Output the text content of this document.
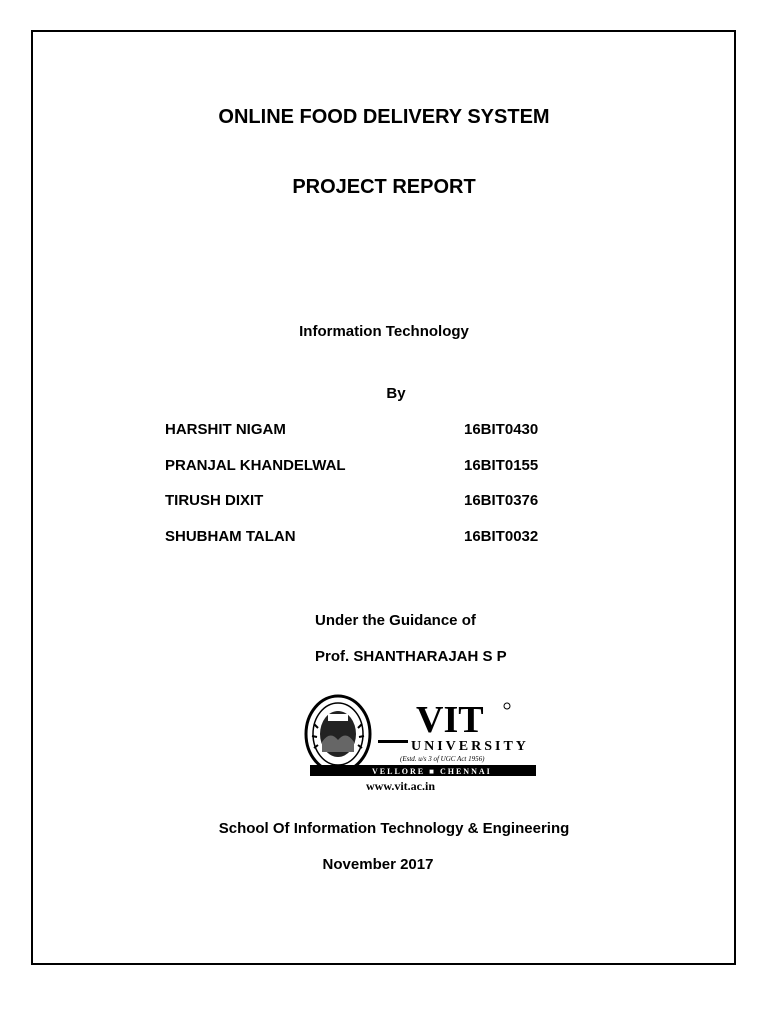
ONLINE FOOD DELIVERY SYSTEM
PROJECT REPORT
Information Technology
By
HARSHIT NIGAM	16BIT0430
PRANJAL KHANDELWAL	16BIT0155
TIRUSH DIXIT	16BIT0376
SHUBHAM TALAN	16BIT0032
Under the Guidance of
Prof. SHANTHARAJAH S P
VIT
UNIVERSITY
(Estd. u/s 3 of UGC Act 1956)
VELLORE ■ CHENNAI
www.vit.ac.in
School Of Information Technology & Engineering
November 2017
